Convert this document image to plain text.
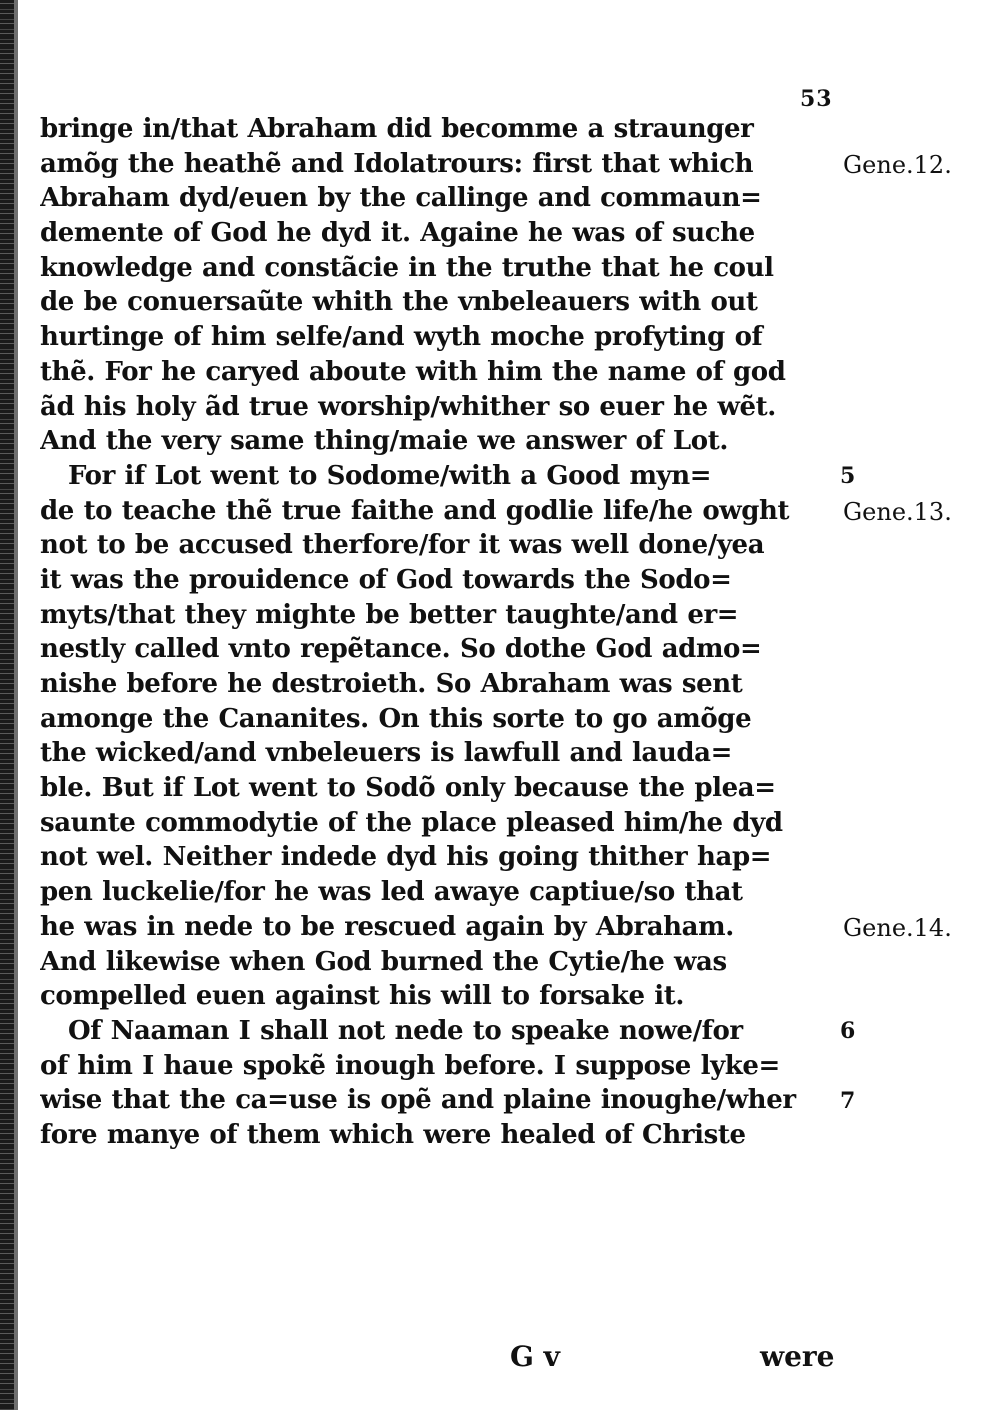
53
bringe in/that Abraham did becomme a straunger
amõg the heathẽ and Idolatrours: first that which
Abraham dyd/euen by the callinge and commaun=
demente of God he dyd it. Againe he was of suche
knowledge and constãcie in the truthe that he coul
de be conuersaũte whith the vnbeleauers with out
hurtinge of him selfe/and wyth moche profyting of
thẽ. For he caryed aboute with him the name of god
ãd his holy ãd true worship/whither so euer he wẽt.
And the very same thing/maie we answer of Lot.
For if Lot went to Sodome/with a Good myn=
de to teache thẽ true faithe and godlie life/he owght
not to be accused therfore/for it was well done/yea
it was the prouidence of God towards the Sodo=
myts/that they mighte be better taughte/and er=
nestly called vnto repẽtance. So dothe God admo=
nishe before he destroieth. So Abraham was sent
amonge the Cananites. On this sorte to go amõge
the wicked/and vnbeleuers is lawfull and lauda=
ble. But if Lot went to Sodõ only because the plea=
saunte commodytie of the place pleased him/he dyd
not wel. Neither indede dyd his going thither hap=
pen luckelie/for he was led awaye captiue/so that
he was in nede to be rescued again by Abraham.
And likewise when God burned the Cytie/he was
compelled euen against his will to forsake it.
Of Naaman I shall not nede to speake nowe/for
of him I haue spokẽ inough before. I suppose lyke=
wise that the ca=use is opẽ and plaine inoughe/wher
fore manye of them which were healed of Christe
Gene.12.
5
Gene.13.
Gene.14.
6
7
G v	were
